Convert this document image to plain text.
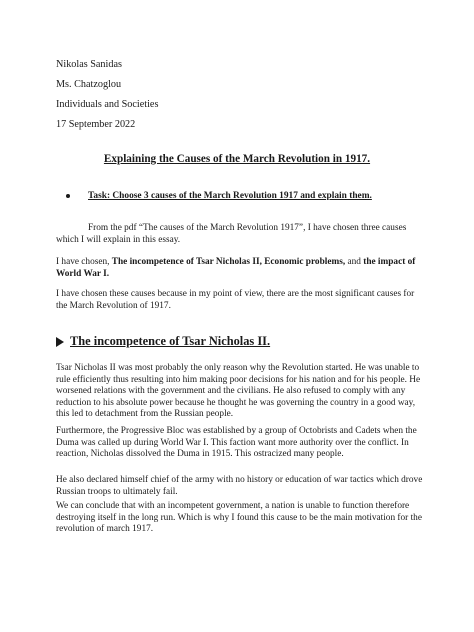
Nikolas Sanidas

Ms. Chatzoglou

Individuals and Societies

17 September 2022

Explaining the Causes of the March Revolution in 1917.

Task: Choose 3 causes of the March Revolution 1917 and explain them.

From the pdf “The causes of the March Revolution 1917”, I have chosen three causes which I will explain in this essay.

I have chosen, The incompetence of Tsar Nicholas II, Economic problems, and the impact of World War I.

I have chosen these causes because in my point of view, there are the most significant causes for the March Revolution of 1917.

The incompetence of Tsar Nicholas II.

Tsar Nicholas II was most probably the only reason why the Revolution started. He was unable to rule efficiently thus resulting into him making poor decisions for his nation and for his people. He worsened relations with the government and the civilians. He also refused to comply with any reduction to his absolute power because he thought he was governing the country in a good way, this led to detachment from the Russian people.

Furthermore, the Progressive Bloc was established by a group of Octobrists and Cadets when the Duma was called up during World War I. This faction want more authority over the conflict. In reaction, Nicholas dissolved the Duma in 1915. This ostracized many people.

He also declared himself chief of the army with no history or education of war tactics which drove Russian troops to ultimately fail.

We can conclude that with an incompetent government, a nation is unable to function therefore destroying itself in the long run. Which is why I found this cause to be the main motivation for the revolution of march 1917.
